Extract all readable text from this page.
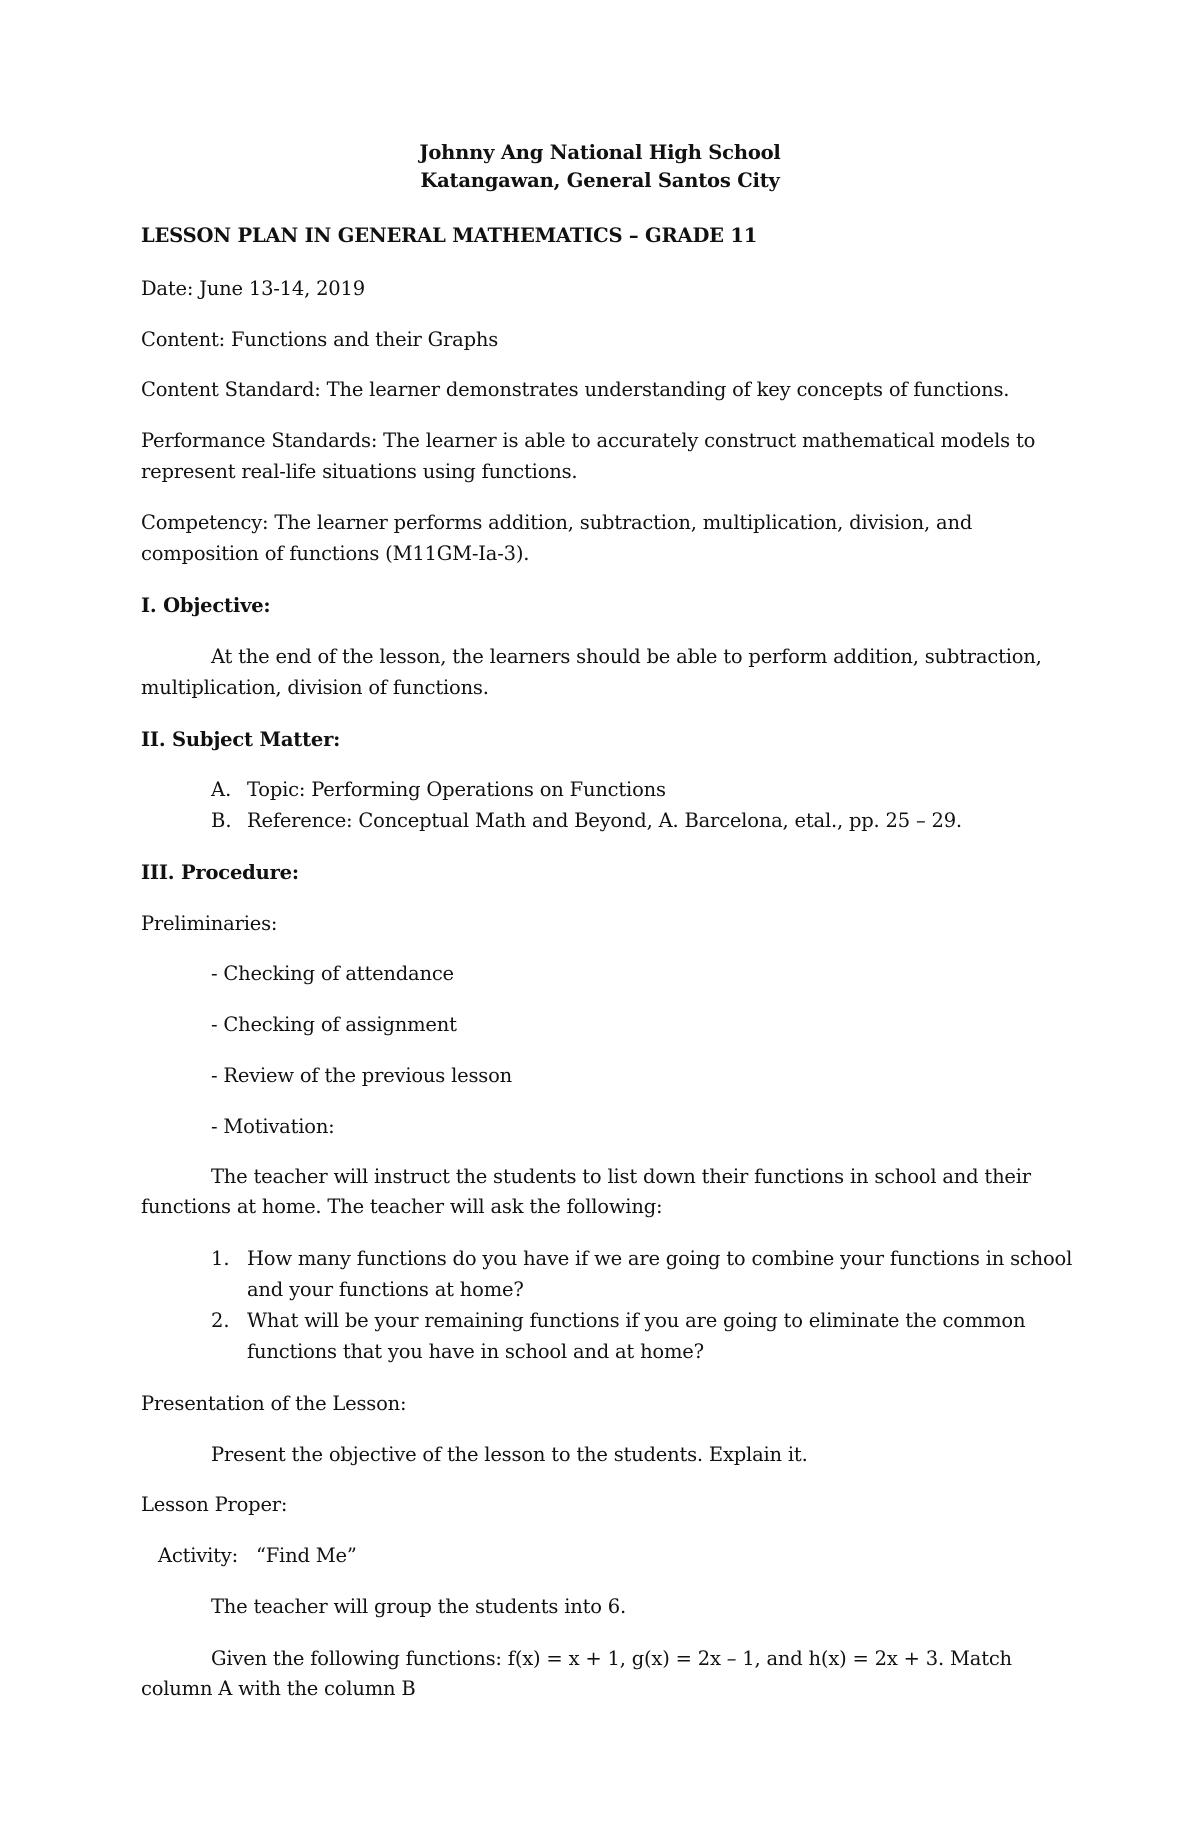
Johnny Ang National High School
Katangawan, General Santos City
LESSON PLAN IN GENERAL MATHEMATICS – GRADE 11
Date: June 13-14, 2019
Content: Functions and their Graphs
Content Standard: The learner demonstrates understanding of key concepts of functions.
Performance Standards: The learner is able to accurately construct mathematical models to
represent real-life situations using functions.
Competency: The learner performs addition, subtraction, multiplication, division, and
composition of functions (M11GM-Ia-3).
I. Objective:
At the end of the lesson, the learners should be able to perform addition, subtraction,
multiplication, division of functions.
II. Subject Matter:
A. Topic: Performing Operations on Functions
B. Reference: Conceptual Math and Beyond, A. Barcelona, etal., pp. 25 – 29.
III. Procedure:
Preliminaries:
- Checking of attendance
- Checking of assignment
- Review of the previous lesson
- Motivation:
The teacher will instruct the students to list down their functions in school and their
functions at home. The teacher will ask the following:
1. How many functions do you have if we are going to combine your functions in school
and your functions at home?
2. What will be your remaining functions if you are going to eliminate the common
functions that you have in school and at home?
Presentation of the Lesson:
Present the objective of the lesson to the students. Explain it.
Lesson Proper:
Activity:   “Find Me”
The teacher will group the students into 6.
Given the following functions: f(x) = x + 1, g(x) = 2x – 1, and h(x) = 2x + 3. Match
column A with the column B
